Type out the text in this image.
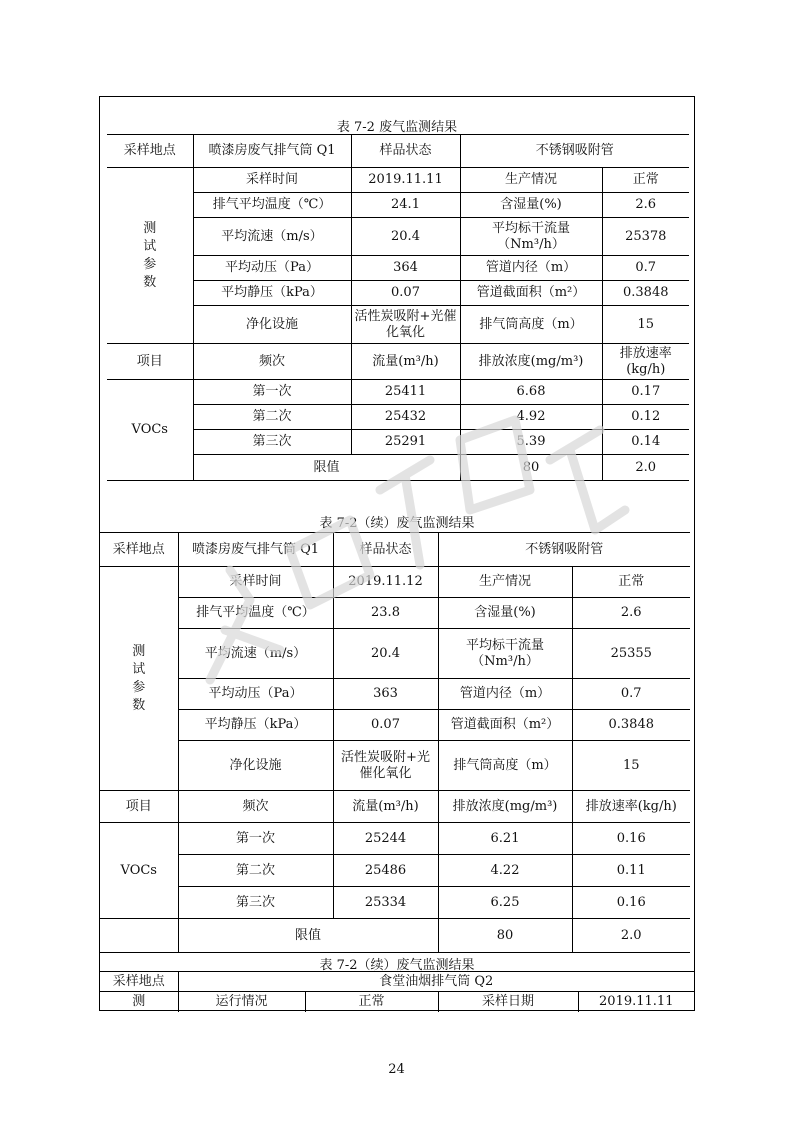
表 7-2 废气监测结果
采样地点	喷漆房废气排气筒 Q1	样品状态	不锈钢吸附管	

测
试
参
数	采样时间	2019.11.11	生产情况	正常
	排气平均温度（℃）	24.1	含湿量(%)	2.6
	平均流速（m/s）	20.4	平均标干流量（Nm³/h）	25378
	平均动压（Pa）	364	管道内径（m）	0.7
	平均静压（kPa）	0.07	管道截面积（m²）	0.3848
	净化设施	活性炭吸附+光催化氧化	排气筒高度（m）	15
项目	频次	流量(m³/h)	排放浓度(mg/m³)	排放速率(kg/h)
VOCs	第一次	25411	6.68	0.17
	第二次	25432	4.92	0.12
	第三次	25291	5.39	0.14
	限值		80	2.0
表 7-2（续）废气监测结果
采样地点	喷漆房废气排气筒 Q1	样品状态	不锈钢吸附管	

测
试
参
数	采样时间	2019.11.12	生产情况	正常
	排气平均温度（℃）	23.8	含湿量(%)	2.6
	平均流速（m/s）	20.4	平均标干流量（Nm³/h）	25355
	平均动压（Pa）	363	管道内径（m）	0.7
	平均静压（kPa）	0.07	管道截面积（m²）	0.3848
	净化设施	活性炭吸附+光催化氧化	排气筒高度（m）	15
项目	频次	流量(m³/h)	排放浓度(mg/m³)	排放速率(kg/h)
VOCs	第一次	25244	6.21	0.16
	第二次	25486	4.22	0.11
	第三次	25334	6.25	0.16
	限值		80	2.0
表 7-2（续）废气监测结果
采样地点	食堂油烟排气筒 Q2			
测	运行情况	正常	采样日期	2019.11.11
24
